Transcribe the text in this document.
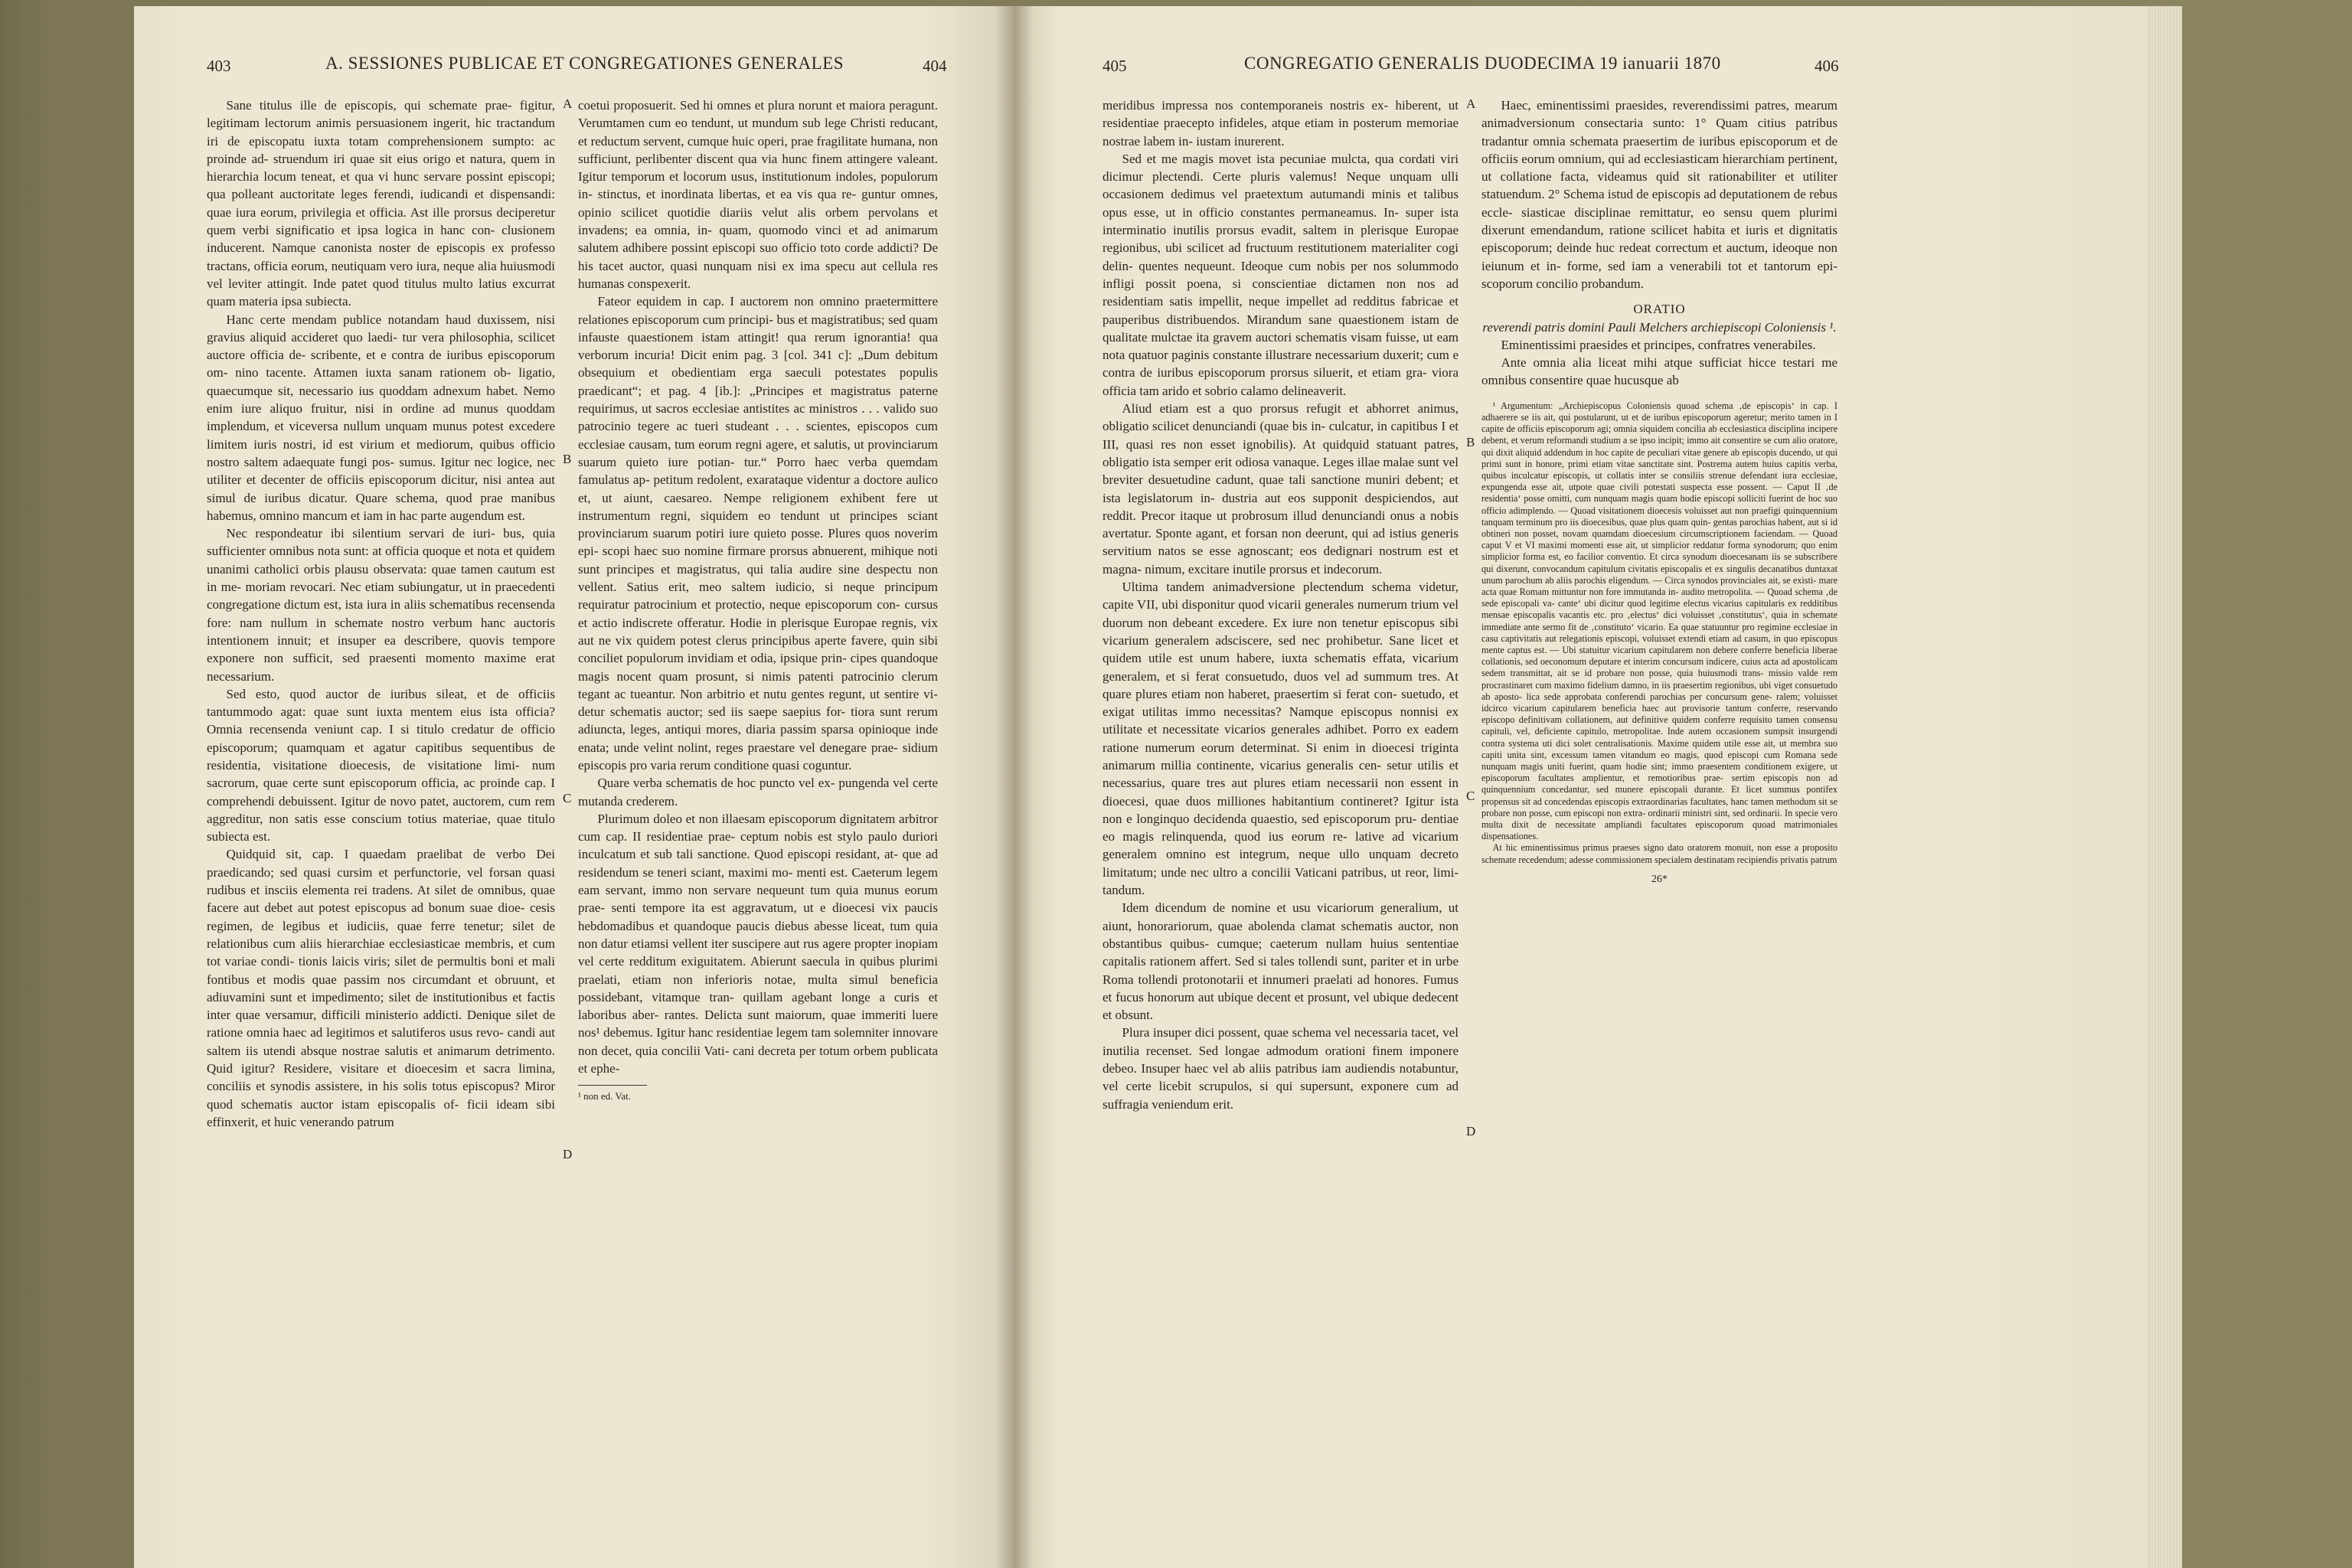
403	A. SESSIONES PUBLICAE ET CONGREGATIONES GENERALES	404

Sane titulus ille de episcopis, qui schemate prae- figitur, legitimam lectorum animis persuasionem ingerit, hic tractandum iri de episcopatu iuxta totam comprehensionem sumpto: ac proinde ad- struendum iri quae sit eius origo et natura, quem in hierarchia locum teneat, et qua vi hunc servare possint episcopi; qua polleant auctoritate leges ferendi, iudicandi et dispensandi: quae iura eorum, privilegia et officia. Ast ille prorsus deciperetur quem verbi significatio et ipsa logica in hanc con- clusionem inducerent. Namque canonista noster de episcopis ex professo tractans, officia eorum, neutiquam vero iura, neque alia huiusmodi vel leviter attingit. Inde patet quod titulus multo latius excurrat quam materia ipsa subiecta.

Hanc certe mendam publice notandam haud duxissem, nisi gravius aliquid accideret quo laedi- tur vera philosophia, scilicet auctore officia de- scribente, et e contra de iuribus episcoporum om- nino tacente. Attamen iuxta sanam rationem ob- ligatio, quaecumque sit, necessario ius quoddam adnexum habet. Nemo enim iure aliquo fruitur, nisi in ordine ad munus quoddam implendum, et viceversa nullum unquam munus potest excedere limitem iuris nostri, id est virium et mediorum, quibus officio nostro saltem adaequate fungi pos- sumus. Igitur nec logice, nec utiliter et decenter de officiis episcoporum dicitur, nisi antea aut simul de iuribus dicatur. Quare schema, quod prae manibus habemus, omnino mancum et iam in hac parte augendum est.

Nec respondeatur ibi silentium servari de iuri- bus, quia sufficienter omnibus nota sunt: at officia quoque et nota et quidem unanimi catholici orbis plausu observata: quae tamen cautum est in me- moriam revocari. Nec etiam subiungatur, ut in praecedenti congregatione dictum est, ista iura in aliis schematibus recensenda fore: nam nullum in schemate nostro verbum hanc auctoris intentionem innuit; et insuper ea describere, quovis tempore exponere non sufficit, sed praesenti momento maxime erat necessarium.

Sed esto, quod auctor de iuribus sileat, et de officiis tantummodo agat: quae sunt iuxta mentem eius ista officia? Omnia recensenda veniunt cap. I si titulo credatur de officio episcoporum; quamquam et agatur capitibus sequentibus de residentia, visitatione dioecesis, de visitatione limi- num sacrorum, quae certe sunt episcoporum officia, ac proinde cap. I comprehendi debuissent. Igitur de novo patet, auctorem, cum rem aggreditur, non satis esse conscium totius materiae, quae titulo subiecta est.

Quidquid sit, cap. I quaedam praelibat de verbo Dei praedicando; sed quasi cursim et perfunctorie, vel forsan quasi rudibus et insciis elementa rei tradens. At silet de omnibus, quae facere aut debet aut potest episcopus ad bonum suae dioe- cesis regimen, de legibus et iudiciis, quae ferre tenetur; silet de relationibus cum aliis hierarchiae ecclesiasticae membris, et cum tot variae condi- tionis laicis viris; silet de permultis boni et mali fontibus et modis quae passim nos circumdant et obruunt, et adiuvamini sunt et impedimento; silet de institutionibus et factis inter quae versamur, difficili ministerio addicti. Denique silet de ratione omnia haec ad legitimos et salutiferos usus revo- candi aut saltem iis utendi absque nostrae salutis et animarum detrimento. Quid igitur? Residere, visitare et dioecesim et sacra limina, conciliis et synodis assistere, in his solis totus episcopus? Miror quod schematis auctor istam episcopalis of- ficii ideam sibi effinxerit, et huic venerando patrum

A
B
C
D

coetui proposuerit. Sed hi omnes et plura norunt et maiora peragunt. Verumtamen cum eo tendunt, ut mundum sub lege Christi reducant, et reductum servent, cumque huic operi, prae fragilitate humana, non sufficiunt, perlibenter discent qua via hunc finem attingere valeant. Igitur temporum et locorum usus, institutionum indoles, populorum in- stinctus, et inordinata libertas, et ea vis qua re- guntur omnes, opinio scilicet quotidie diariis velut alis orbem pervolans et invadens; ea omnia, in- quam, quomodo vinci et ad animarum salutem adhibere possint episcopi suo officio toto corde addicti? De his tacet auctor, quasi nunquam nisi ex ima specu aut cellula res humanas conspexerit.

Fateor equidem in cap. I auctorem non omnino praetermittere relationes episcoporum cum principi- bus et magistratibus; sed quam infauste quaestionem istam attingit! qua rerum ignorantia! qua verborum incuria! Dicit enim pag. 3 [col. 341 c]: „Dum debitum obsequium et obedientiam erga saeculi potestates populis praedicant“; et pag. 4 [ib.]: „Principes et magistratus paterne requirimus, ut sacros ecclesiae antistites ac ministros . . . valido suo patrocinio tegere ac tueri studeant . . . scientes, episcopos cum ecclesiae causam, tum eorum regni agere, et salutis, ut provinciarum suarum quieto iure potian- tur.“ Porro haec verba quemdam famulatus ap- petitum redolent, exarataque videntur a doctore aulico et, ut aiunt, caesareo. Nempe religionem exhibent fere ut instrumentum regni, siquidem eo tendunt ut principes sciant provinciarum suarum potiri iure quieto posse. Plures quos noverim epi- scopi haec suo nomine firmare prorsus abnuerent, mihique noti sunt principes et magistratus, qui talia audire sine despectu non vellent. Satius erit, meo saltem iudicio, si neque principum requiratur patrocinium et protectio, neque episcoporum con- cursus et actio indiscrete offeratur. Hodie in plerisque Europae regnis, vix aut ne vix quidem potest clerus principibus aperte favere, quin sibi conciliet populorum invidiam et odia, ipsique prin- cipes quandoque magis nocent quam prosunt, si nimis patenti patrocinio clerum tegant ac tueantur. Non arbitrio et nutu gentes regunt, ut sentire vi- detur schematis auctor; sed iis saepe saepius for- tiora sunt rerum adiuncta, leges, antiqui mores, diaria passim sparsa opinioque inde enata; unde velint nolint, reges praestare vel denegare prae- sidium episcopis pro varia rerum conditione quasi coguntur.

Quare verba schematis de hoc puncto vel ex- pungenda vel certe mutanda crederem.

Plurimum doleo et non illaesam episcoporum dignitatem arbitror cum cap. II residentiae prae- ceptum nobis est stylo paulo duriori inculcatum et sub tali sanctione. Quod episcopi residant, at- que ad residendum se teneri sciant, maximi mo- menti est. Caeterum legem eam servant, immo non servare nequeunt tum quia munus eorum prae- senti tempore ita est aggravatum, ut e dioecesi vix paucis hebdomadibus et quandoque paucis diebus abesse liceat, tum quia non datur etiamsi vellent iter suscipere aut rus agere propter inopiam vel certe redditum exiguitatem. Abierunt saecula in quibus plurimi praelati, etiam non inferioris notae, multa simul beneficia possidebant, vitamque tran- quillam agebant longe a curis et laboribus aber- rantes. Delicta sunt maiorum, quae immeriti luere nos¹ debemus. Igitur hanc residentiae legem tam solemniter innovare non decet, quia concilii Vati- cani decreta per totum orbem publicata et ephe-

¹ non ed. Vat.
405	CONGREGATIO GENERALIS DUODECIMA 19 ianuarii 1870	406

meridibus impressa nos contemporaneis nostris ex- hiberent, ut residentiae praecepto infideles, atque etiam in posterum memoriae nostrae labem in- iustam inurerent.

Sed et me magis movet ista pecuniae mulcta, qua cordati viri dicimur plectendi. Certe pluris valemus! Neque unquam ulli occasionem dedimus vel praetextum autumandi minis et talibus opus esse, ut in officio constantes permaneamus. In- super ista interminatio inutilis prorsus evadit, saltem in plerisque Europae regionibus, ubi scilicet ad fructuum restitutionem materialiter cogi delin- quentes nequeunt. Ideoque cum nobis per nos solummodo infligi possit poena, si conscientiae dictamen non nos ad residentiam satis impellit, neque impellet ad redditus fabricae et pauperibus distribuendos. Mirandum sane quaestionem istam de qualitate mulctae ita gravem auctori schematis visam fuisse, ut eam nota quatuor paginis constante illustrare necessarium duxerit; cum e contra de iuribus episcoporum prorsus siluerit, et etiam gra- viora officia tam arido et sobrio calamo delineaverit.

Aliud etiam est a quo prorsus refugit et abhorret animus, obligatio scilicet denunciandi (quae bis in- culcatur, in capitibus I et III, quasi res non esset ignobilis). At quidquid statuant patres, obligatio ista semper erit odiosa vanaque. Leges illae malae sunt vel breviter desuetudine cadunt, quae tali sanctione muniri debent; et ista legislatorum in- dustria aut eos supponit despiciendos, aut reddit. Precor itaque ut probrosum illud denunciandi onus a nobis avertatur. Sponte agant, et forsan non deerunt, qui ad istius generis servitium natos se esse agnoscant; eos dedignari nostrum est et magna- nimum, excitare inutile prorsus et indecorum.

Ultima tandem animadversione plectendum schema videtur, capite VII, ubi disponitur quod vicarii generales numerum trium vel duorum non debeant excedere. Ex iure non tenetur episcopus sibi vicarium generalem adsciscere, sed nec prohibetur. Sane licet et quidem utile est unum habere, iuxta schematis effata, vicarium generalem, et si ferat consuetudo, duos vel ad summum tres. At quare plures etiam non haberet, praesertim si ferat con- suetudo, et exigat utilitas immo necessitas? Namque episcopus nonnisi ex utilitate et necessitate vicarios generales adhibet. Porro ex eadem ratione numerum eorum determinat. Si enim in dioecesi triginta animarum millia continente, vicarius generalis cen- setur utilis et necessarius, quare tres aut plures etiam necessarii non essent in dioecesi, quae duos milliones habitantium contineret? Igitur ista non e longinquo decidenda quaestio, sed episcoporum pru- dentiae eo magis relinquenda, quod ius eorum re- lative ad vicarium generalem omnino est integrum, neque ullo unquam decreto limitatum; unde nec ultro a concilii Vaticani patribus, ut reor, limi- tandum.

Idem dicendum de nomine et usu vicariorum generalium, ut aiunt, honorariorum, quae abolenda clamat schematis auctor, non obstantibus quibus- cumque; caeterum nullam huius sententiae capitalis rationem affert. Sed si tales tollendi sunt, pariter et in urbe Roma tollendi protonotarii et innumeri praelati ad honores. Fumus et fucus honorum aut ubique decent et prosunt, vel ubique dedecent et obsunt.

Plura insuper dici possent, quae schema vel necessaria tacet, vel inutilia recenset. Sed longae admodum orationi finem imponere debeo. Insuper haec vel ab aliis patribus iam audiendis notabuntur, vel certe licebit scrupulos, si qui supersunt, exponere cum ad suffragia veniendum erit.

A
B
C
D

Haec, eminentissimi praesides, reverendissimi patres, mearum animadversionum consectaria sunto: 1° Quam citius patribus tradantur omnia schemata praesertim de iuribus episcoporum et de officiis eorum omnium, qui ad ecclesiasticam hierarchiam pertinent, ut collatione facta, videamus quid sit rationabiliter et utiliter statuendum. 2° Schema istud de episcopis ad deputationem de rebus eccle- siasticae disciplinae remittatur, eo sensu quem plurimi dixerunt emendandum, ratione scilicet habita et iuris et dignitatis episcoporum; deinde huc redeat correctum et auctum, ideoque non ieiunum et in- forme, sed iam a venerabili tot et tantorum epi- scoporum concilio probandum.

ORATIO
reverendi patris domini Pauli Melchers archiepiscopi Coloniensis ¹.

Eminentissimi praesides et principes, confratres venerabiles.

Ante omnia alia liceat mihi atque sufficiat hicce testari me omnibus consentire quae hucusque ab

¹ Argumentum: „Archiepiscopus Coloniensis quoad schema ‚de episcopis‘ in cap. I adhaerere se iis ait, qui postularunt, ut et de iuribus episcoporum ageretur; merito tamen in I capite de officiis episcoporum agi; omnia siquidem concilia ab ecclesiastica disciplina incipere debent, et verum reformandi studium a se ipso incipit; immo ait consentire se cum alio oratore, qui dixit aliquid addendum in hoc capite de peculiari vitae genere ab episcopis ducendo, ut qui primi sunt in honore, primi etiam vitae sanctitate sint. Postrema autem huius capitis verba, quibus inculcatur episcopis, ut collatis inter se consiliis strenue defendant iura ecclesiae, expungenda esse ait, utpote quae civili potestati suspecta esse possent. — Caput II ‚de residentia‘ posse omitti, cum nunquam magis quam hodie episcopi solliciti fuerint de hoc suo officio adimplendo. — Quoad visitationem dioecesis voluisset aut non praefigi quinquennium tanquam terminum pro iis dioecesibus, quae plus quam quin- gentas parochias habent, aut si id obtineri non posset, novam quamdam dioecesium circumscriptionem faciendam. — Quoad caput V et VI maximi momenti esse ait, ut simplicior reddatur forma synodorum; quo enim simplicior forma est, eo facilior conventio. Et circa synodum dioecesanam iis se subscribere qui dixerunt, convocandum capitulum civitatis episcopalis et ex singulis decanatibus duntaxat unum parochum ab aliis parochis eligendum. — Circa synodos provinciales ait, se existi- mare acta quae Romam mittuntur non fore immutanda in- audito metropolita. — Quoad schema ‚de sede episcopali va- cante‘ ubi dicitur quod legitime electus vicarius capitularis ex redditibus mensae episcopalis vacantis etc. pro ‚electus‘ dici voluisset ‚constitutus‘, quia in schemate immediate ante sermo fit de ‚constituto‘ vicario. Ea quae statuuntur pro regimine ecclesiae in casu captivitatis aut relegationis episcopi, voluisset extendi etiam ad casum, in quo episcopus mente captus est. — Ubi statuitur vicarium capitularem non debere conferre beneficia liberae collationis, sed oeconomum deputare et interim concursum indicere, cuius acta ad apostolicam sedem transmittat, ait se id probare non posse, quia huiusmodi trans- missio valde rem procrastinaret cum maximo fidelium damno, in iis praesertim regionibus, ubi viget consuetudo ab aposto- lica sede approbata conferendi parochias per concursum gene- ralem; voluisset idcirco vicarium capitularem beneficia haec aut provisorie tantum conferre, reservando episcopo definitivam collationem, aut definitive quidem conferre requisito tamen consensu capituli, vel, deficiente capitulo, metropolitae. Inde autem occasionem sumpsit insurgendi contra systema uti dici solet centralisationis. Maxime quidem utile esse ait, ut membra suo capiti unita sint, excessum tamen vitandum eo magis, quod episcopi cum Romana sede nunquam magis uniti fuerint, quam hodie sint; immo praesentem conditionem exigere, ut episcoporum facultates amplientur, et remotioribus prae- sertim episcopis non ad quinquennium concedantur, sed munere episcopali durante. Et licet summus pontifex propensus sit ad concedendas episcopis extraordinarias facultates, hanc tamen methodum sit se probare non posse, cum episcopi non extra- ordinarii ministri sint, sed ordinarii. In specie vero multa dixit de necessitate ampliandi facultates episcoporum quoad matrimoniales dispensationes.
At hic eminentissimus primus praeses signo dato oratorem monuit, non esse a proposito schemate recedendum; adesse commissionem specialem destinatam recipiendis privatis patrum
26*
